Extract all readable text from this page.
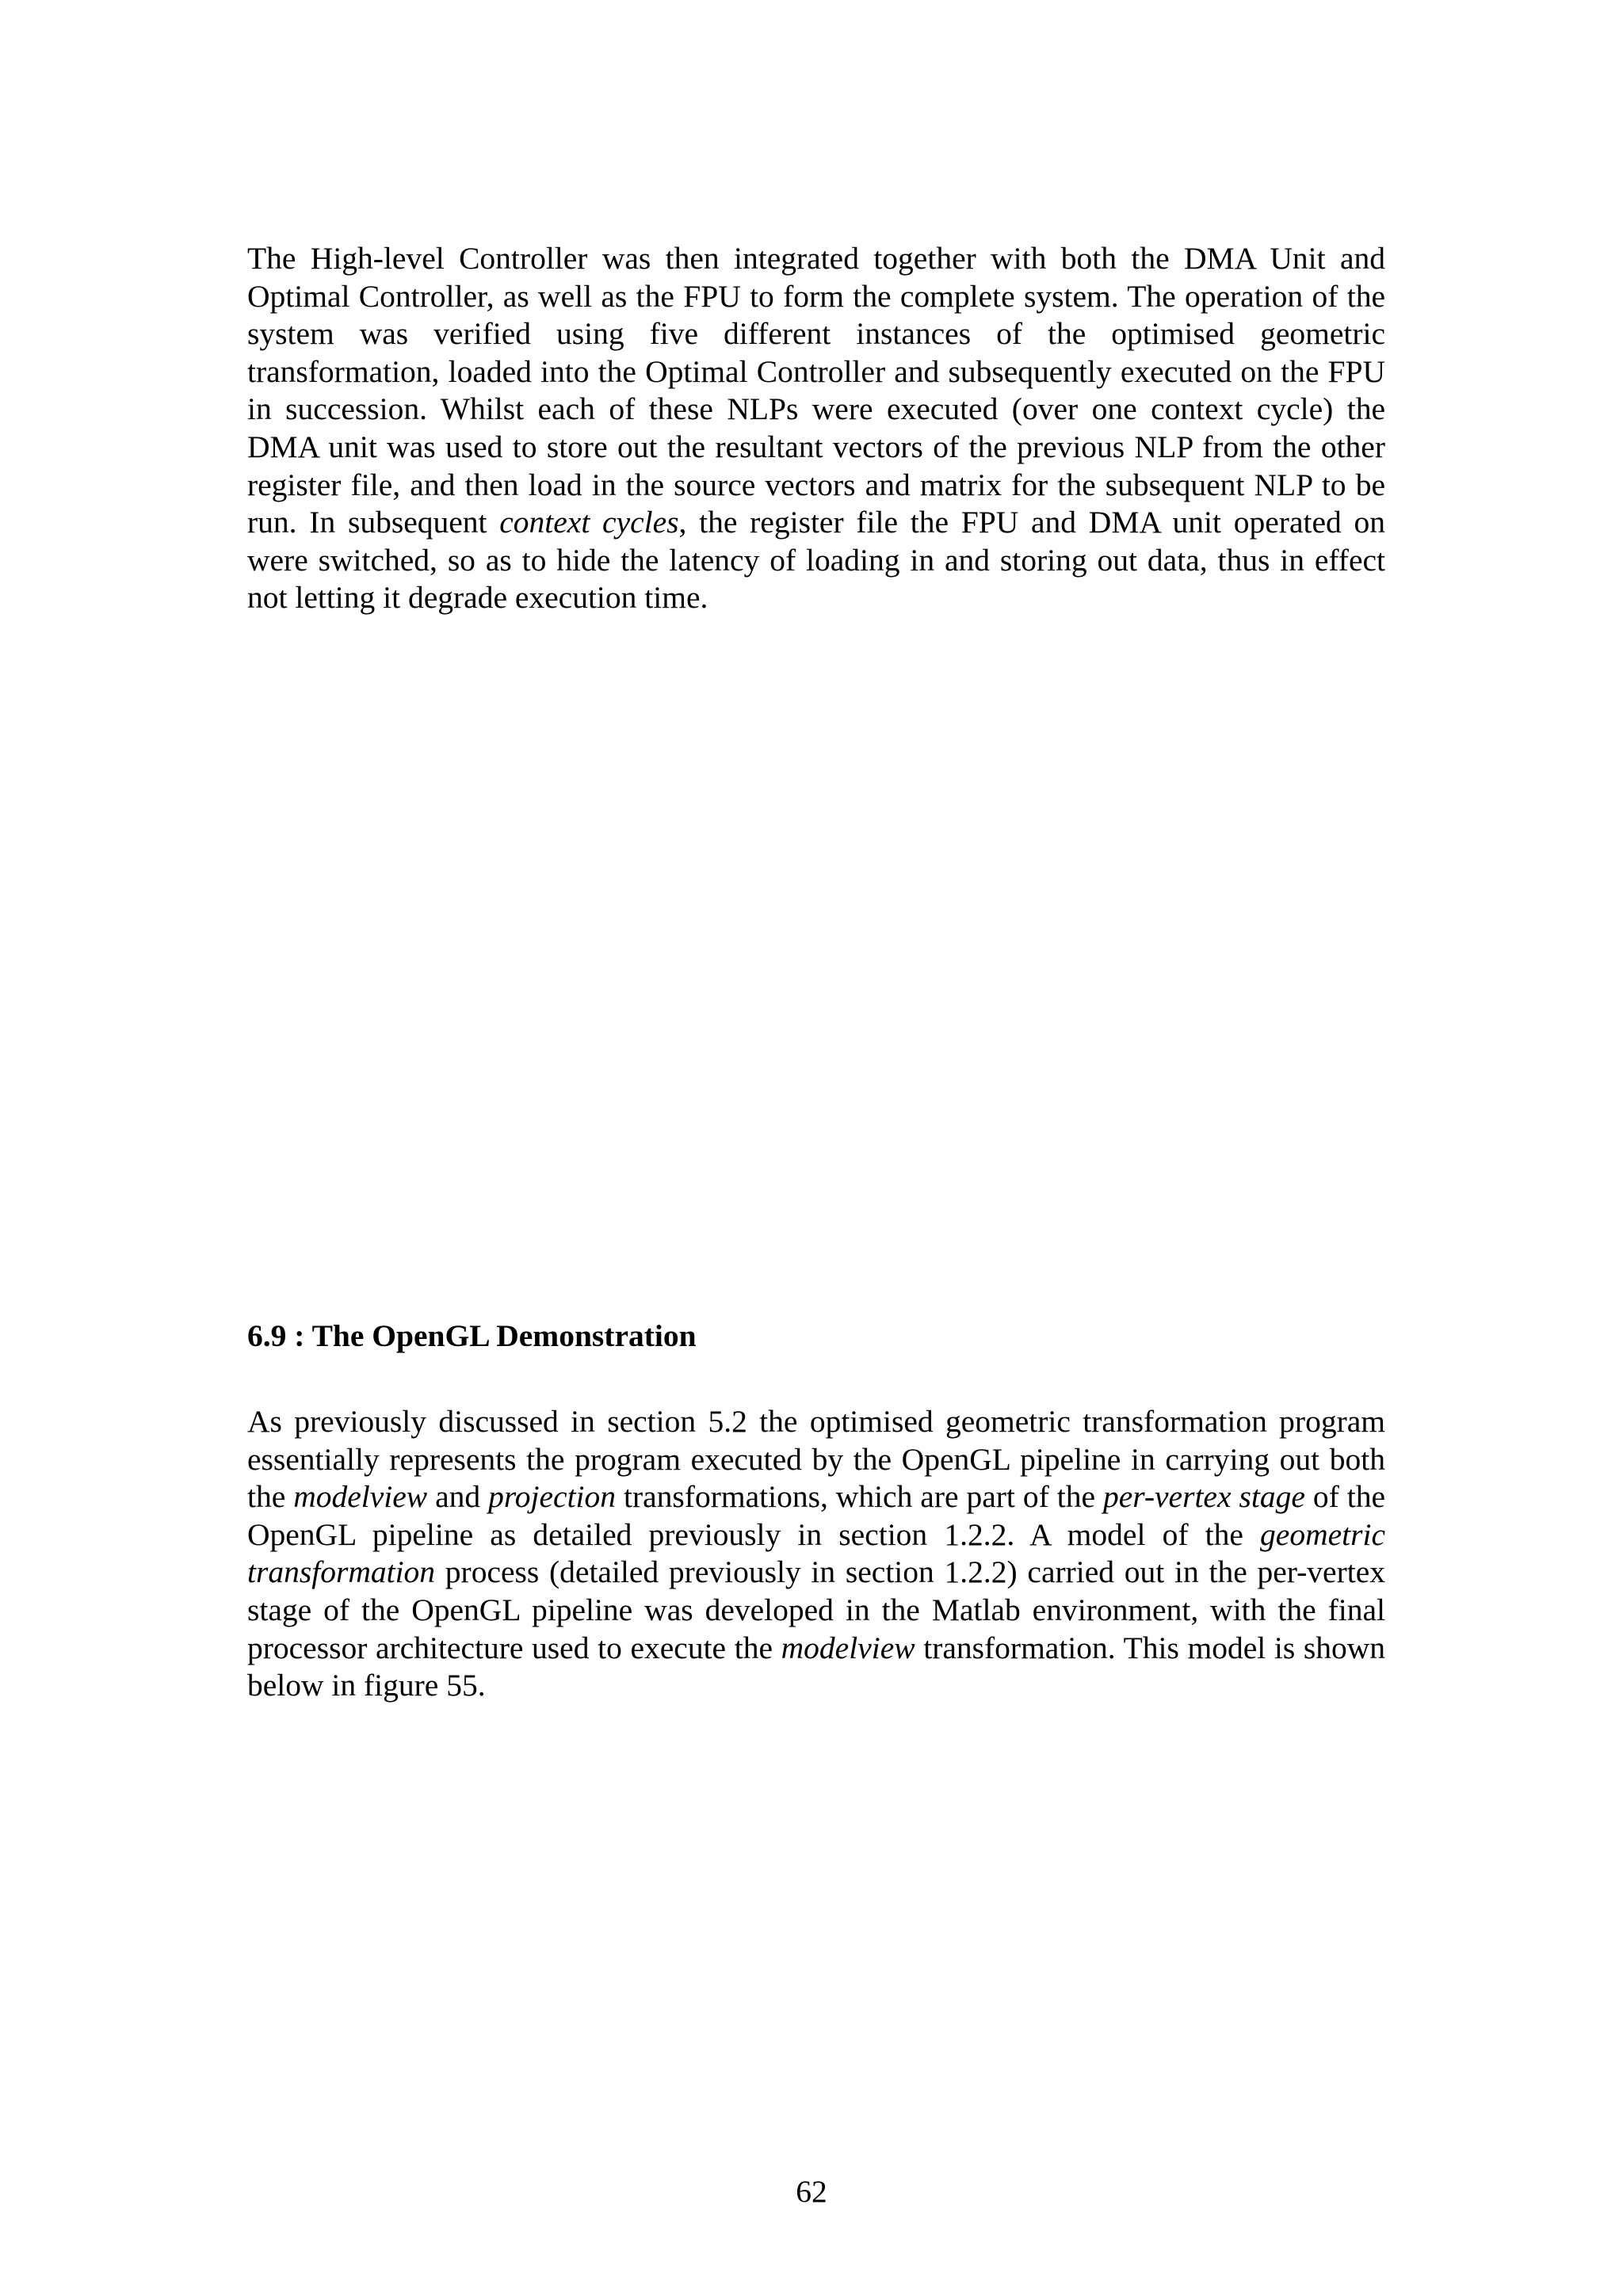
The High-level Controller was then integrated together with both the DMA Unit and Optimal Controller, as well as the FPU to form the complete system. The operation of the system was verified using five different instances of the optimised geometric transformation, loaded into the Optimal Controller and subsequently executed on the FPU in succession. Whilst each of these NLPs were executed (over one context cycle) the DMA unit was used to store out the resultant vectors of the previous NLP from the other register file, and then load in the source vectors and matrix for the subsequent NLP to be run. In subsequent context cycles, the register file the FPU and DMA unit operated on were switched, so as to hide the latency of loading in and storing out data, thus in effect not letting it degrade execution time.

6.9 : The OpenGL Demonstration

As previously discussed in section 5.2 the optimised geometric transformation program essentially represents the program executed by the OpenGL pipeline in carrying out both the modelview and projection transformations, which are part of the per-vertex stage of the OpenGL pipeline as detailed previously in section 1.2.2. A model of the geometric transformation process (detailed previously in section 1.2.2) carried out in the per-vertex stage of the OpenGL pipeline was developed in the Matlab environment, with the final processor architecture used to execute the modelview transformation. This model is shown below in figure 55.

62
